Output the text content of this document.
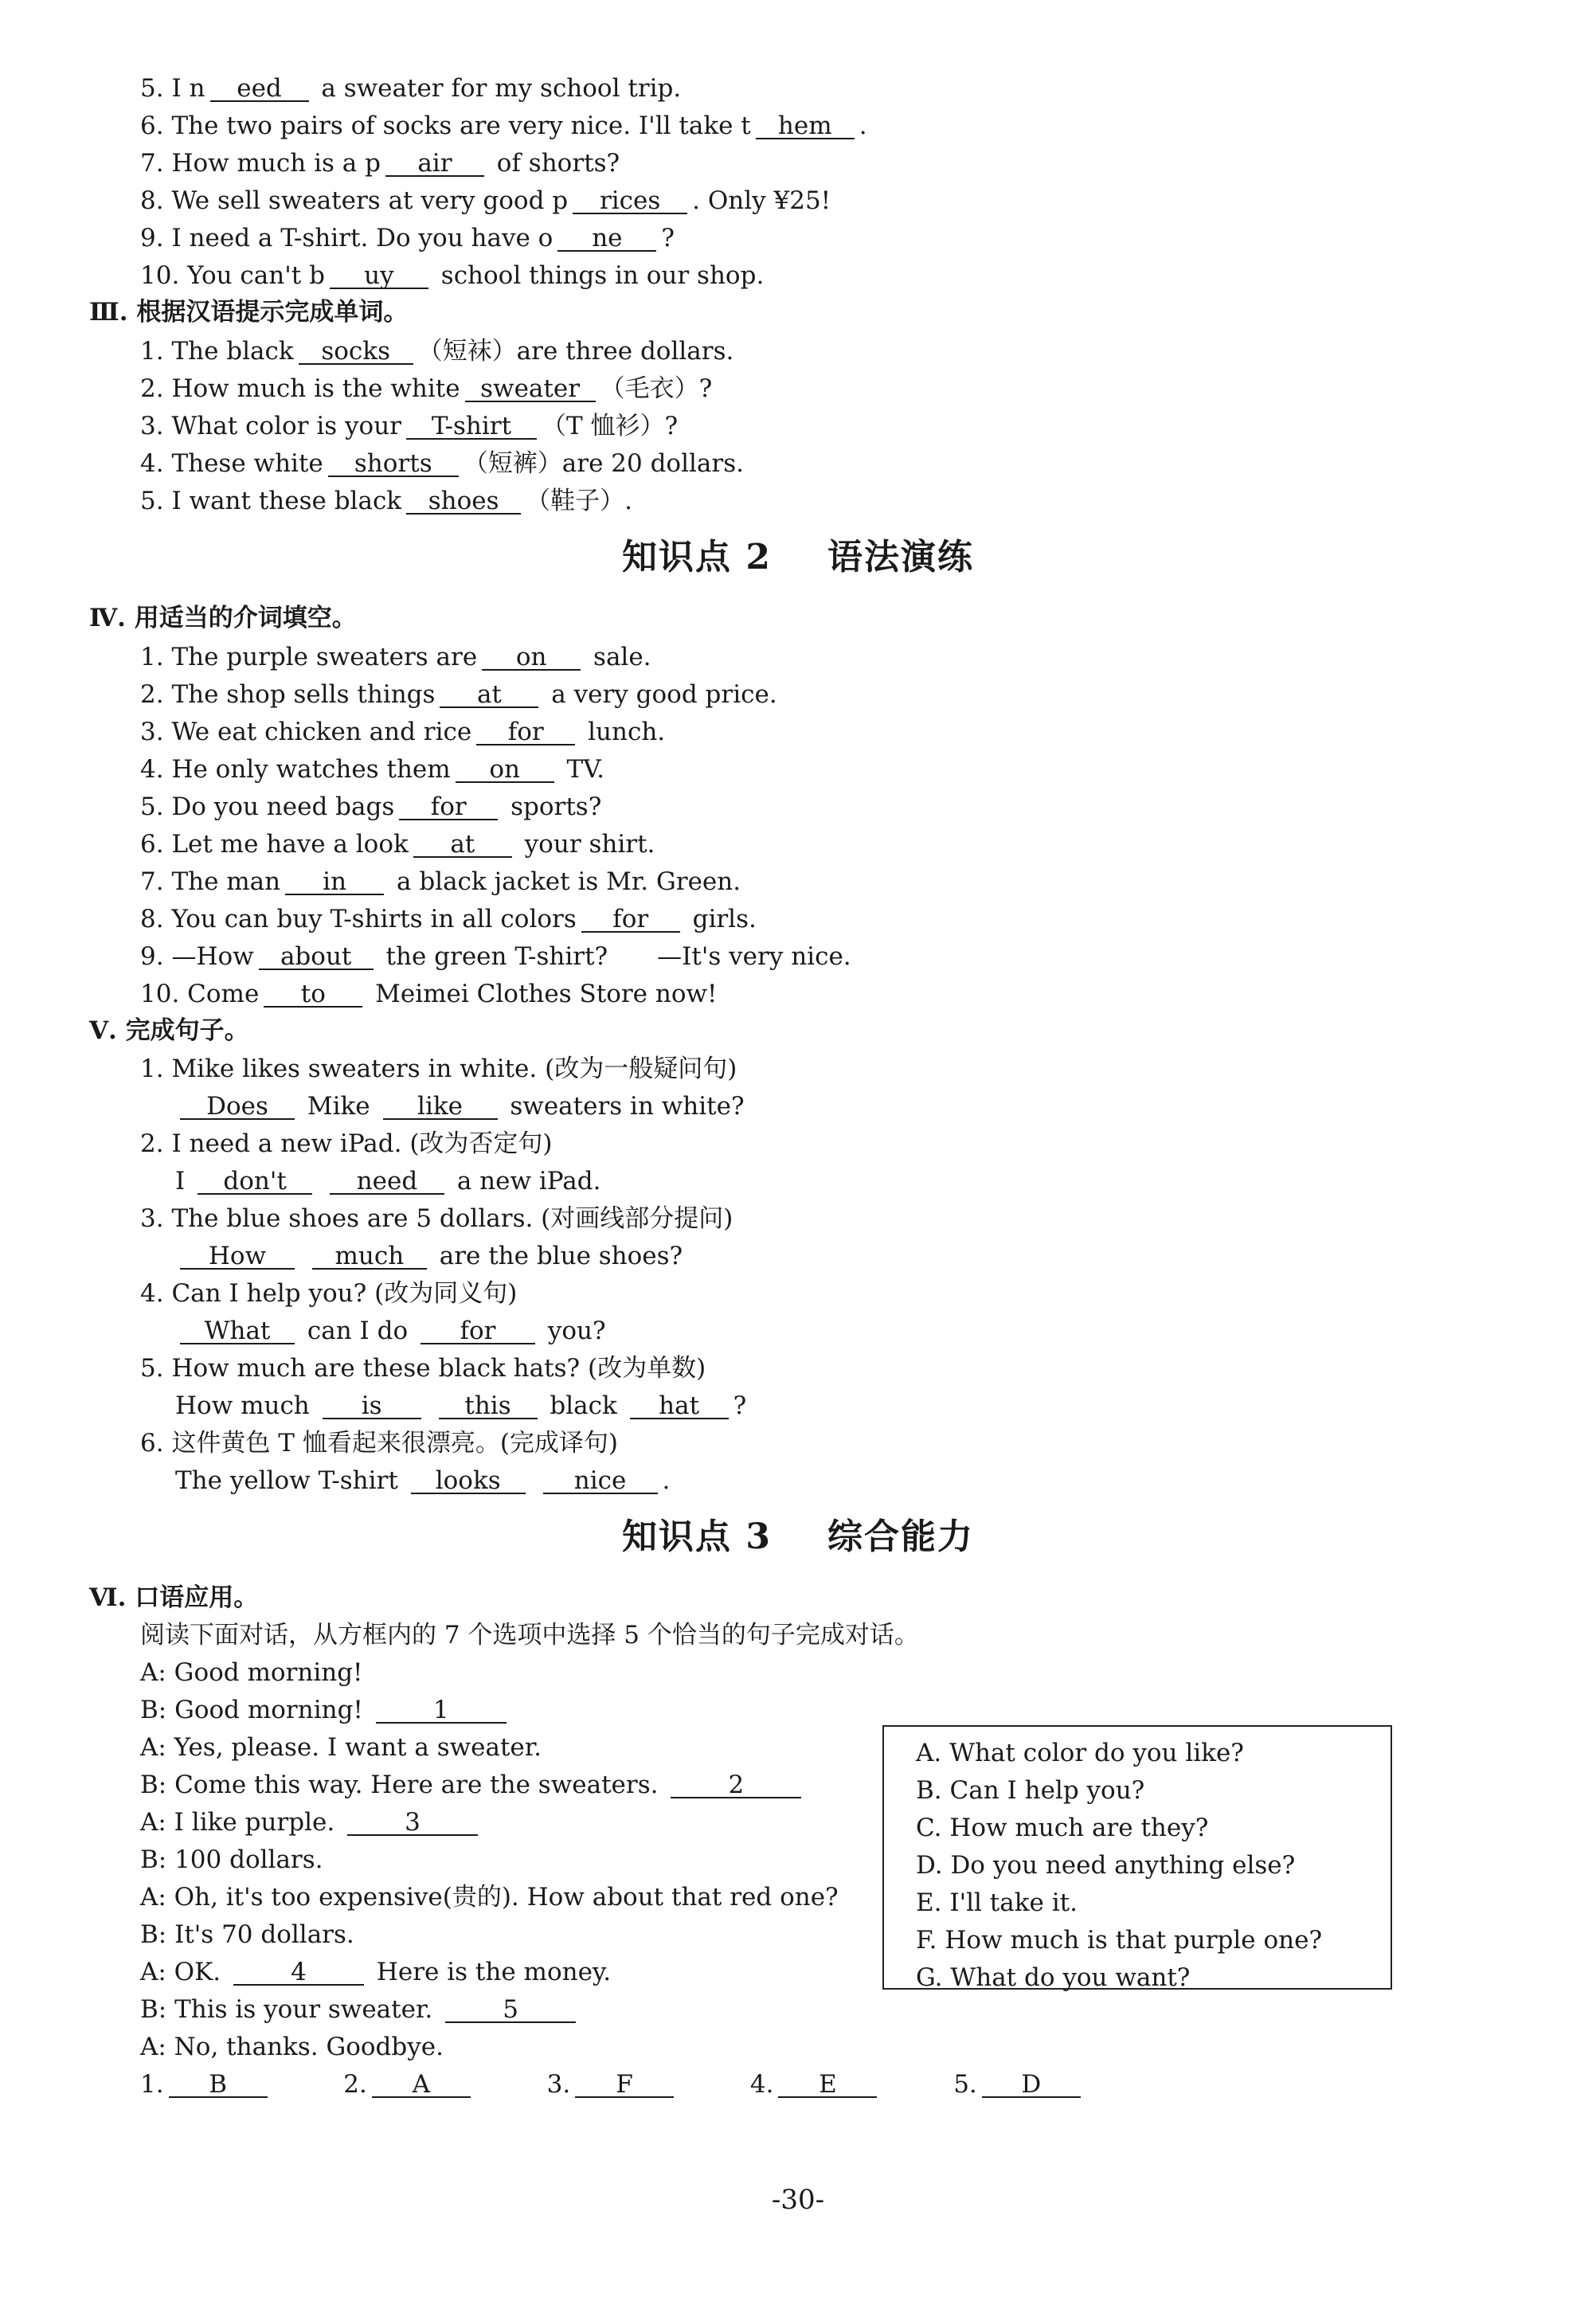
5. I n eed a sweater for my school trip.
6. The two pairs of socks are very nice. I'll take t hem .
7. How much is a p air of shorts?
8. We sell sweaters at very good p rices . Only ¥25!
9. I need a T-shirt. Do you have o ne ?
10. You can't b uy school things in our shop.
Ⅲ. 根据汉语提示完成单词。
1. The black socks （短袜）are three dollars.
2. How much is the white sweater （毛衣）?
3. What color is your T-shirt （T 恤衫）?
4. These white shorts （短裤）are 20 dollars.
5. I want these black shoes （鞋子）.
知识点 2 语法演练
Ⅳ. 用适当的介词填空。
1. The purple sweaters are on sale.
2. The shop sells things at a very good price.
3. We eat chicken and rice for lunch.
4. He only watches them on TV.
5. Do you need bags for sports?
6. Let me have a look at your shirt.
7. The man in a black jacket is Mr. Green.
8. You can buy T-shirts in all colors for girls.
9. —How about the green T-shirt?　　—It's very nice.
10. Come to Meimei Clothes Store now!
Ⅴ. 完成句子。
1. Mike likes sweaters in white. (改为一般疑问句)
Does Mike like sweaters in white?
2. I need a new iPad. (改为否定句)
I don't	need a new iPad.
3. The blue shoes are 5 dollars. (对画线部分提问)
How	much are the blue shoes?
4. Can I help you? (改为同义句)
What can I do for you?
5. How much are these black hats? (改为单数)
How much is	this black hat ?
6. 这件黄色 T 恤看起来很漂亮。(完成译句)
The yellow T-shirt looks	nice .
知识点 3 综合能力
Ⅵ. 口语应用。
阅读下面对话，从方框内的 7 个选项中选择 5 个恰当的句子完成对话。
A: Good morning!
B: Good morning!	1
A: Yes, please. I want a sweater.
B: Come this way. Here are the sweaters.	2
A: I like purple.	3
B: 100 dollars.
A: Oh, it's too expensive(贵的). How about that red one?
B: It's 70 dollars.
A: OK.	4	Here is the money.
B: This is your sweater.	5
A: No, thanks. Goodbye.
A. What color do you like?
B. Can I help you?
C. How much are they?
D. Do you need anything else?
E. I'll take it.
F. How much is that purple one?
G. What do you want?
1. B	2. A	3. F	4. E	5. D
-30-
